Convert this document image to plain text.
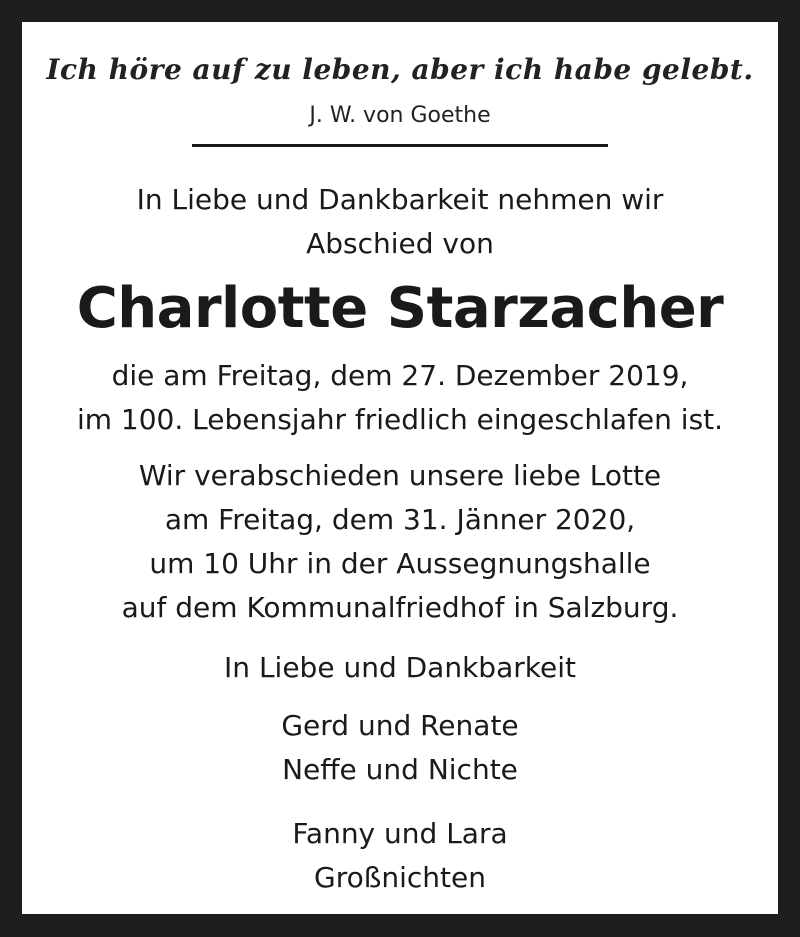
Ich höre auf zu leben, aber ich habe gelebt.
J. W. von Goethe
In Liebe und Dankbarkeit nehmen wir
Abschied von
Charlotte Starzacher
die am Freitag, dem 27. Dezember 2019,
im 100. Lebensjahr friedlich eingeschlafen ist.
Wir verabschieden unsere liebe Lotte
am Freitag, dem 31. Jänner 2020,
um 10 Uhr in der Aussegnungshalle
auf dem Kommunalfriedhof in Salzburg.
In Liebe und Dankbarkeit
Gerd und Renate
Neffe und Nichte
Fanny und Lara
Großnichten
